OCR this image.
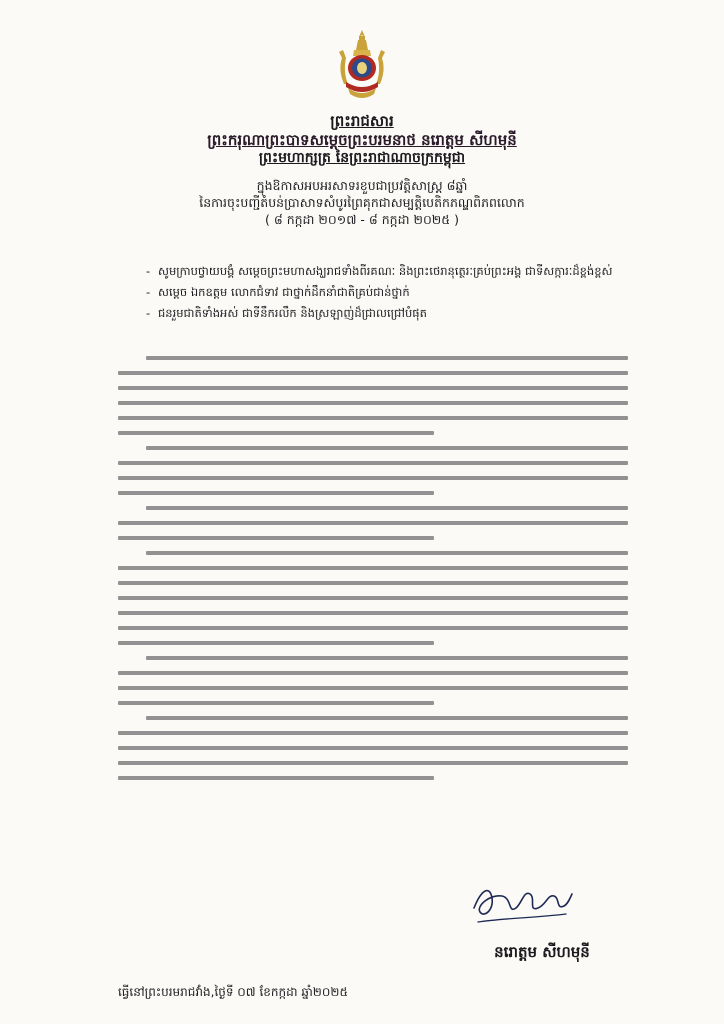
ព្រះរាជសារ
ព្រះករុណាព្រះបាទសម្តេចព្រះបរមនាថ នរោត្តម សីហមុនី
ព្រះមហាក្សត្រ នៃព្រះរាជាណាចក្រកម្ពុជា
ក្នុងឱកាសអបអរសាទរខួបជាប្រវត្តិសាស្ត្រ ៨ឆ្នាំ
នៃការចុះបញ្ជីតំបន់ប្រាសាទសំបូរព្រៃគុកជាសម្បត្តិបេតិកភណ្ឌពិភពលោក
( ៨ កក្កដា ២០១៧ - ៨ កក្កដា ២០២៥ )
- សូមក្រាបថ្វាយបង្គំ សម្តេចព្រះមហាសង្ឃរាជទាំងពីរគណៈ និងព្រះថេរានុត្ថេរៈគ្រប់ព្រះអង្គ ជាទីសក្ការៈដ៏ខ្ពង់ខ្ពស់
- សម្តេច ឯកឧត្តម លោកជំទាវ ជាថ្នាក់ដឹកនាំជាតិគ្រប់ជាន់ថ្នាក់
- ជនរួមជាតិទាំងអស់ ជាទីនឹករលឹក និងស្រឡាញ់ដ៏ជ្រាលជ្រៅបំផុត
នរោត្តម សីហមុនី
ធ្វើនៅព្រះបរមរាជវាំង,ថ្ងៃទី ០៧ ខែកក្កដា ឆ្នាំ២០២៥
